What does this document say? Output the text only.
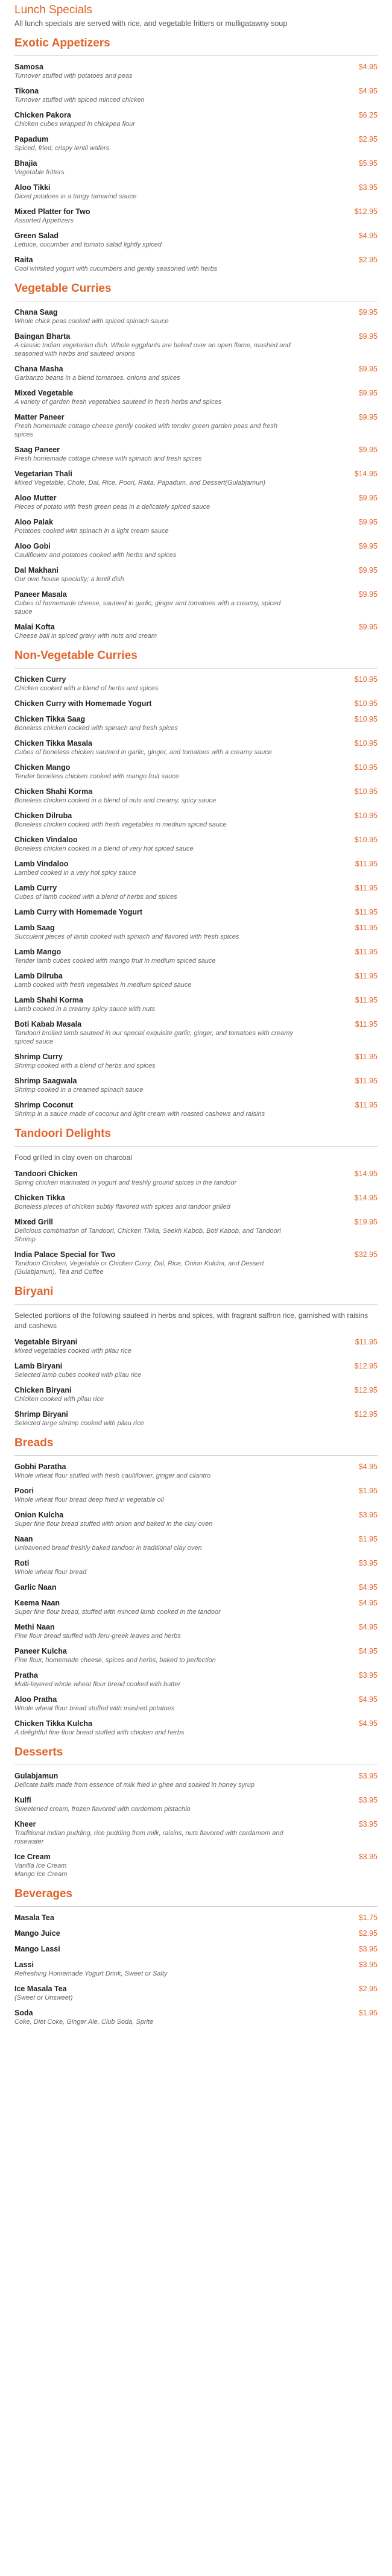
Lunch Specials

All lunch specials are served with rice, and vegetable fritters or mulligatawny soup

Exotic Appetizers
Samosa	$4.95
Turnover stuffed with potatoes and peas
Tikona	$4.95
Turnover stuffed with spiced minced chicken
Chicken Pakora	$6.25
Chicken cubes wrapped in chickpea flour
Papadum	$2.95
Spiced, fried, crispy lentil wafers
Bhajia	$5.95
Vegetable fritters
Aloo Tikki	$3.95
Diced potatoes in a tangy tamarind sauce
Mixed Platter for Two	$12.95
Assorted Appetizers
Green Salad	$4.95
Lettuce, cucumber and tomato salad lightly spiced
Raita	$2.95
Cool whisked yogurt with cucumbers and gently seasoned with herbs
Vegetable Curries
Chana Saag	$9.95
Whole chick peas cooked with spiced spinach sauce
Baingan Bharta	$9.95
A classic Indian vegetarian dish. Whole eggplants are baked over an open flame, mashed and seasoned with herbs and sauteed onions
Chana Masha	$9.95
Garbanzo beans in a blend tomatoes, onions and spices
Mixed Vegetable	$9.95
A variety of garden fresh vegetables sauteed in fresh herbs and spices
Matter Paneer	$9.95
Fresh homemade cottage cheese gently cooked with tender green garden peas and fresh spices
Saag Paneer	$9.95
Fresh homemade cottage cheese with spinach and fresh spices
Vegetarian Thali	$14.95
Mixed Vegetable, Chole, Dal, Rice, Poori, Raita, Papadum, and Dessert(Gulabjamun)
Aloo Mutter	$9.95
Pieces of potato with fresh green peas in a delicately spiced sauce
Aloo Palak	$9.95
Potatoes cooked with spinach in a light cream sauce
Aloo Gobi	$9.95
Cauliflower and potatoes cooked with herbs and spices
Dal Makhani	$9.95
Our own house specialty; a lentil dish
Paneer Masala	$9.95
Cubes of homemade cheese, sauteed in garlic, ginger and tomatoes with a creamy, spiced sauce
Malai Kofta	$9.95
Cheese ball in spiced gravy with nuts and cream
Non-Vegetable Curries
Chicken Curry	$10.95
Chicken cooked with a blend of herbs and spices
Chicken Curry with Homemade Yogurt	$10.95
Chicken Tikka Saag	$10.95
Boneless chicken cooked with spinach and fresh spices
Chicken Tikka Masala	$10.95
Cubes of boneless chicken sauteed in garlic, ginger, and tomatoes with a creamy sauce
Chicken Mango	$10.95
Tender boneless chicken cooked with mango fruit sauce
Chicken Shahi Korma	$10.95
Boneless chicken cooked in a blend of nuts and creamy, spicy sauce
Chicken Dilruba	$10.95
Boneless chicken cooked with fresh vegetables in medium spiced sauce
Chicken Vindaloo	$10.95
Boneless chicken cooked in a blend of very hot spiced sauce
Lamb Vindaloo	$11.95
Lambed cooked in a very hot spicy sauce
Lamb Curry	$11.95
Cubes of lamb cooked with a blend of herbs and spices
Lamb Curry with Homemade Yogurt	$11.95
Lamb Saag	$11.95
Succulent pieces of lamb cooked with spinach and flavored with fresh spices
Lamb Mango	$11.95
Tender lamb cubes cooked with mango fruit in medium spiced sauce
Lamb Dilruba	$11.95
Lamb cooked with fresh vegetables in medium spiced sauce
Lamb Shahi Korma	$11.95
Lamb cooked in a creamy spicy sauce with nuts
Boti Kabab Masala	$11.95
Tandoori broiled lamb sauteed in our special exquisite garlic, ginger, and tomatoes with creamy spiced sauce
Shrimp Curry	$11.95
Shrimp cooked with a blend of herbs and spices
Shrimp Saagwala	$11.95
Shrimp cooked in a creamed spinach sauce
Shrimp Coconut	$11.95
Shrimp in a sauce made of coconut and light cream with roasted cashews and raisins
Tandoori Delights

Food grilled in clay oven on charcoal

Tandoori Chicken	$14.95
Spring chicken marinated in yogurt and freshly ground spices in the tandoor
Chicken Tikka	$14.95
Boneless pieces of chicken subtly flavored with spices and tandoor grilled
Mixed Grill	$19.95
Delicious combination of Tandoori, Chicken Tikka, Seekh Kabob, Boti Kabob, and Tandoori Shrimp
India Palace Special for Two	$32.95
Tandoori Chicken, Vegetable or Chicken Curry, Dal, Rice, Onion Kulcha, and Dessert (Gulabjamun), Tea and Coffee
Biryani

Selected portions of the following sauteed in herbs and spices, with fragrant saffron rice, garnished with raisins and cashews

Vegetable Biryani	$11.95
Mixed vegetables cooked with pilau rice
Lamb Biryani	$12.95
Selected lamb cubes cooked with pilau rice
Chicken Biryani	$12.95
Chicken cooked with pilau rice
Shrimp Biryani	$12.95
Selected large shrimp cooked with pilau rice
Breads
Gobhi Paratha	$4.95
Whole wheat flour stuffed with fresh cauliflower, ginger and cilantro
Poori	$1.95
Whole wheat flour bread deep fried in vegetable oil
Onion Kulcha	$3.95
Super fine flour bread stuffed with onion and baked in the clay oven
Naan	$1.95
Unleavened bread freshly baked tandoor in traditional clay oven
Roti	$3.95
Whole wheat flour bread
Garlic Naan	$4.95
Keema Naan	$4.95
Super fine flour bread, stuffed with minced lamb cooked in the tandoor
Methi Naan	$4.95
Fine flour bread stuffed with feru-greek leaves and herbs
Paneer Kulcha	$4.95
Fine flour, homemade cheese, spices and herbs, baked to perfection
Pratha	$3.95
Multi-layered whole wheat flour bread cooked with butter
Aloo Pratha	$4.95
Whole wheat flour bread stuffed with mashed potatoes
Chicken Tikka Kulcha	$4.95
A delightful fine flour bread stuffed with chicken and herbs
Desserts
Gulabjamun	$3.95
Delicate balls made from essence of milk fried in ghee and soaked in honey syrup
Kulfi	$3.95
Sweetened cream, frozen flavored with cardomom pistachio
Kheer	$3.95
Traditional Indian pudding, rice pudding from milk, raisins, nuts flavored with cardamom and rosewater
Ice Cream	$3.95
Vanilla Ice Cream
Mango Ice Cream
Beverages
Masala Tea	$1.75
Mango Juice	$2.95
Mango Lassi	$3.95
Lassi	$3.95
Refreshing Homemade Yogurt Drink, Sweet or Salty
Ice Masala Tea	$2.95
(Sweet or Unsweet)
Soda	$1.95
Coke, Diet Coke, Ginger Ale, Club Soda, Sprite
